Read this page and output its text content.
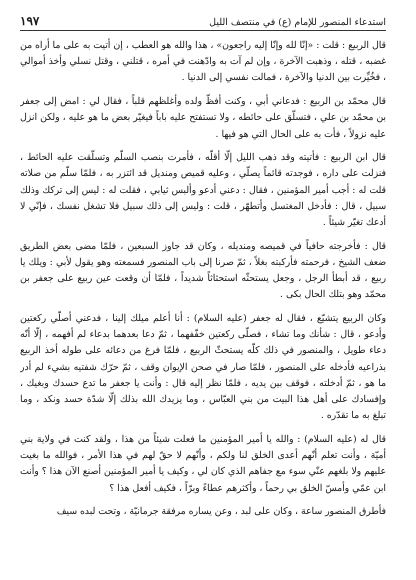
استدعاء المنصور للإمام (ع) في منتصف الليل
١٩٧

قال الربيع : قلت : «إنّا لله وإنّا إليه راجعون» ، هذا والله هو العطب ، إن أتيت به على ما أراه من غضبه ، قتله ، وذهبت الآخرة ، وإن لم آت به وادّهنت في أمره ، قتلني ، وقتل نسلي وأخذ أموالي ، فخُيِّرت بين الدنيا والآخرة ، فمالت نفسي إلى الدنيا .

قال محمّد بن الربيع : فدعاني أبي ، وكنت أفظّ ولده وأغلظهم قلباً ، فقال لي : امض إلى جعفر بن محمّد بن علي ، فتسلّق على حائطه ، ولا تستفتح عليه باباً فيغيّر بعض ما هو عليه ، ولكن انزل عليه نزولاً ، فأت به على الحال التي هو فيها .

قال ابن الربيع : فأتيته وقد ذهب الليل إلّا أقلّه ، فأمرت بنصب السلّم وتسلّقت عليه الحائط ، فنزلت على داره ، فوجدته قائماً يصلّي ، وعليه قميص ومنديل قد ائتزر به ، فلمّا سلّم من صلاته قلت له : أجب أمير المؤمنين ، فقال : دعني أدعو وألبس ثيابي ، فقلت له : ليس إلى تركك وذلك سبيل ، قال : فأدخل المغتسل وأتطهّر ، قلت : وليس إلى ذلك سبيل فلا تشغل نفسك ، فإنّي لا أدعك تغيّر شيئاً .

قال : فأخرجته حافياً في قميصه ومنديله ، وكان قد جاوز السبعين ، فلمّا مضى بعض الطريق ضعف الشيخ ، فرحمته فأركبته بغلاً ، ثمّ صرنا إلى باب المنصور فسمعته وهو يقول لأبي : ويلك يا ربيع ، قد أبطأ الرجل ، وجعل يستحثّه استحثاثاً شديداً ، فلمّا أن وقعت عين ربيع على جعفر بن محمّد وهو بتلك الحال بكى .

وكان الربيع يتشيّع ، فقال له جعفر (عليه السلام) : أنا أعلم ميلك إلينا ، فدعني أصلّي ركعتين وأدعو ، قال : شأنك وما تشاء ، فصلّى ركعتين خفّفهما ، ثمّ دعا بعدهما بدعاء لم أفهمه ، إلّا أنّه دعاء طويل ، والمنصور في ذلك كلّه يستحثّ الربيع ، فلمّا فرغ من دعائه على طوله أخذ الربيع بذراعيه فأدخله على المنصور ، فلمّا صار في صحن الإيوان وقف ، ثمّ حرّك شفتيه بشيء لم أدر ما هو ، ثمّ أدخلته ، فوقف بين يديه ، فلمّا نظر إليه قال : وأنت يا جعفر ما تدع حسدك وبغيك ، وإفسادك على أهل هذا البيت من بني العبّاس ، وما يزيدك الله بذلك إلّا شدّة حسد ونكد ، وما تبلغ به ما تقدّره .

قال له (عليه السلام) : والله يا أمير المؤمنين ما فعلت شيئاً من هذا ، ولقد كنت في ولاية بني أميّة ، وأنت تعلم أنّهم أعدى الخلق لنا ولكم ، وأنّهم لا حقّ لهم في هذا الأمر ، فوالله ما بغيت عليهم ولا بلغهم عنّي سوء مع جفاهم الذي كان لي ، وكيف يا أمير المؤمنين أصنع الآن هذا ؟ وأنت ابن عمّي وأمسّ الخلق بي رحماً ، وأكثرهم عطاءً وبرّاً ، فكيف أفعل هذا ؟

فأطرق المنصور ساعة ، وكان على لبد ، وعن يساره مرفقة جرمانيّة ، وتحت لبده سيف
